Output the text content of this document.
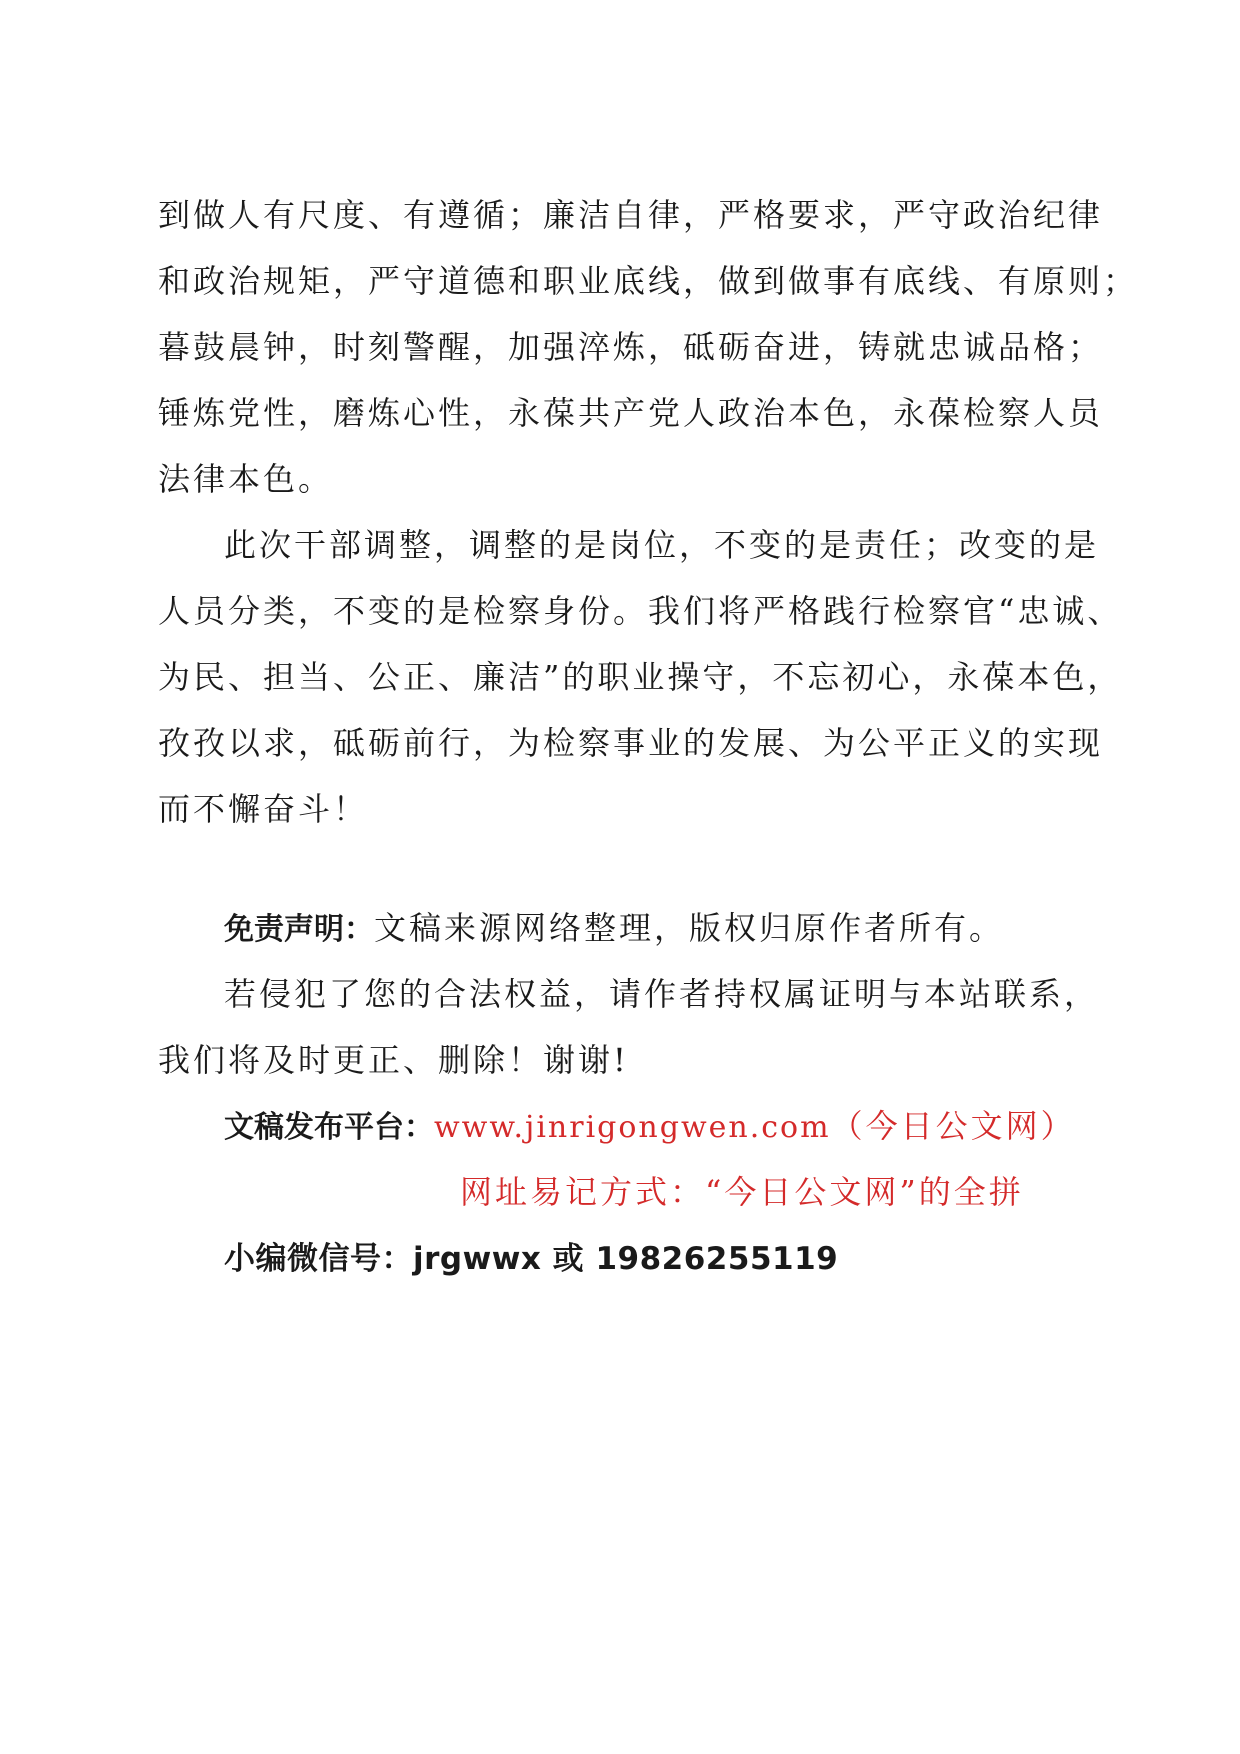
到做人有尺度、有遵循；廉洁自律，严格要求，严守政治纪律
和政治规矩，严守道德和职业底线，做到做事有底线、有原则；
暮鼓晨钟，时刻警醒，加强淬炼，砥砺奋进，铸就忠诚品格；
锤炼党性，磨炼心性，永葆共产党人政治本色，永葆检察人员
法律本色。
此次干部调整，调整的是岗位，不变的是责任；改变的是
人员分类，不变的是检察身份。我们将严格践行检察官“忠诚、
为民、担当、公正、廉洁”的职业操守，不忘初心，永葆本色，
孜孜以求，砥砺前行，为检察事业的发展、为公平正义的实现
而不懈奋斗！
免责声明：文稿来源网络整理，版权归原作者所有。
若侵犯了您的合法权益，请作者持权属证明与本站联系，
我们将及时更正、删除！谢谢!
文稿发布平台：www.jinrigongwen.com（今日公文网）
网址易记方式：“今日公文网”的全拼
小编微信号：jrgwwx 或 19826255119
